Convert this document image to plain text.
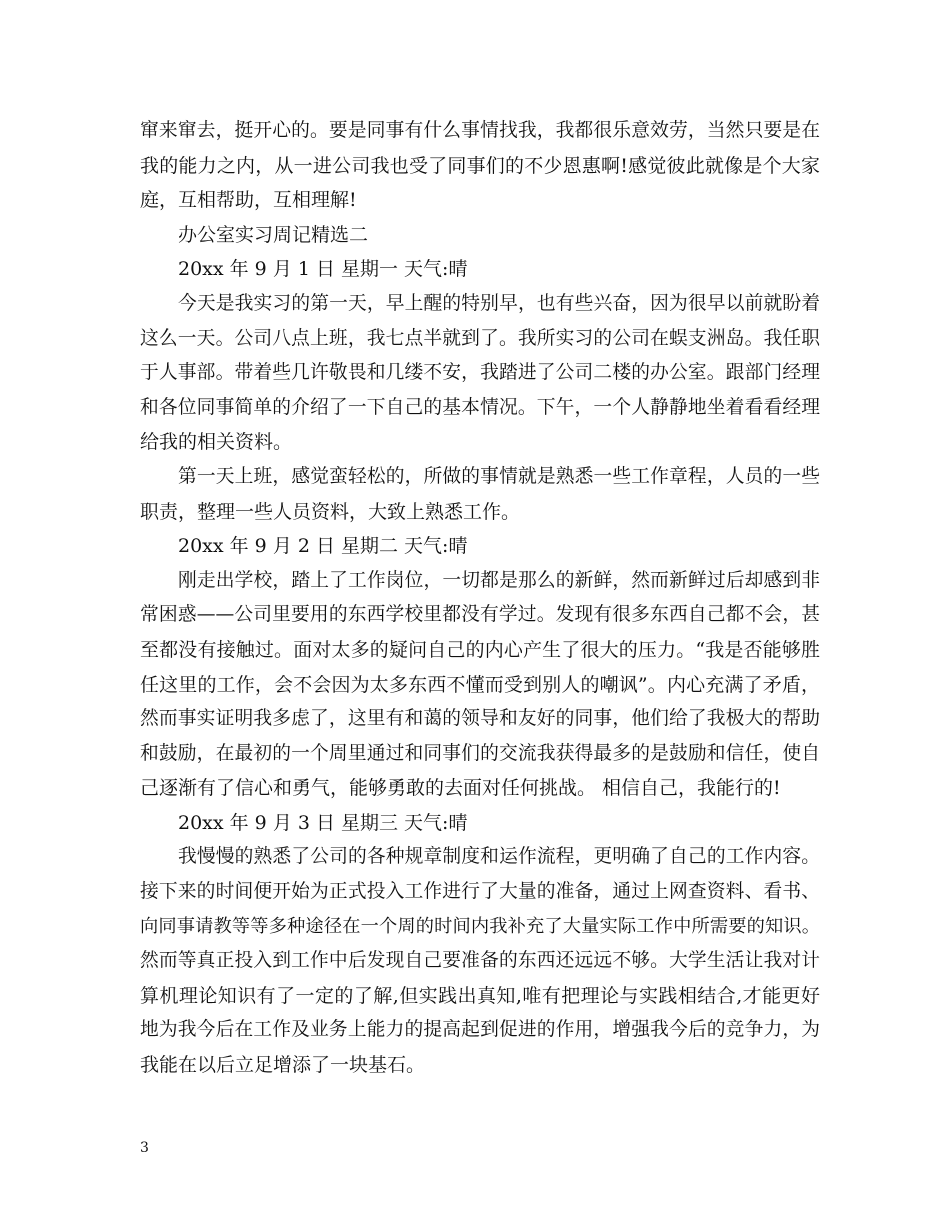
窜来窜去，挺开心的。要是同事有什么事情找我，我都很乐意效劳，当然只要是在
我的能力之内，从一进公司我也受了同事们的不少恩惠啊!感觉彼此就像是个大家
庭，互相帮助，互相理解!
办公室实习周记精选二
20xx 年 9 月 1 日 星期一 天气:晴
今天是我实习的第一天，早上醒的特别早，也有些兴奋，因为很早以前就盼着
这么一天。公司八点上班，我七点半就到了。我所实习的公司在蜈支洲岛。我任职
于人事部。带着些几许敬畏和几缕不安，我踏进了公司二楼的办公室。跟部门经理
和各位同事简单的介绍了一下自己的基本情况。下午，一个人静静地坐着看看经理
给我的相关资料。
第一天上班，感觉蛮轻松的，所做的事情就是熟悉一些工作章程，人员的一些
职责，整理一些人员资料，大致上熟悉工作。
20xx 年 9 月 2 日 星期二 天气:晴
刚走出学校，踏上了工作岗位，一切都是那么的新鲜，然而新鲜过后却感到非
常困惑——公司里要用的东西学校里都没有学过。发现有很多东西自己都不会，甚
至都没有接触过。面对太多的疑问自己的内心产生了很大的压力。“我是否能够胜
任这里的工作，会不会因为太多东西不懂而受到别人的嘲讽”。内心充满了矛盾，
然而事实证明我多虑了，这里有和蔼的领导和友好的同事，他们给了我极大的帮助
和鼓励，在最初的一个周里通过和同事们的交流我获得最多的是鼓励和信任，使自
己逐渐有了信心和勇气，能够勇敢的去面对任何挑战。 相信自己，我能行的!
20xx 年 9 月 3 日 星期三 天气:晴
我慢慢的熟悉了公司的各种规章制度和运作流程，更明确了自己的工作内容。
接下来的时间便开始为正式投入工作进行了大量的准备，通过上网查资料、看书、
向同事请教等等多种途径在一个周的时间内我补充了大量实际工作中所需要的知识。
然而等真正投入到工作中后发现自己要准备的东西还远远不够。大学生活让我对计
算机理论知识有了一定的了解,但实践出真知,唯有把理论与实践相结合,才能更好
地为我今后在工作及业务上能力的提高起到促进的作用，增强我今后的竞争力，为
我能在以后立足增添了一块基石。
3
